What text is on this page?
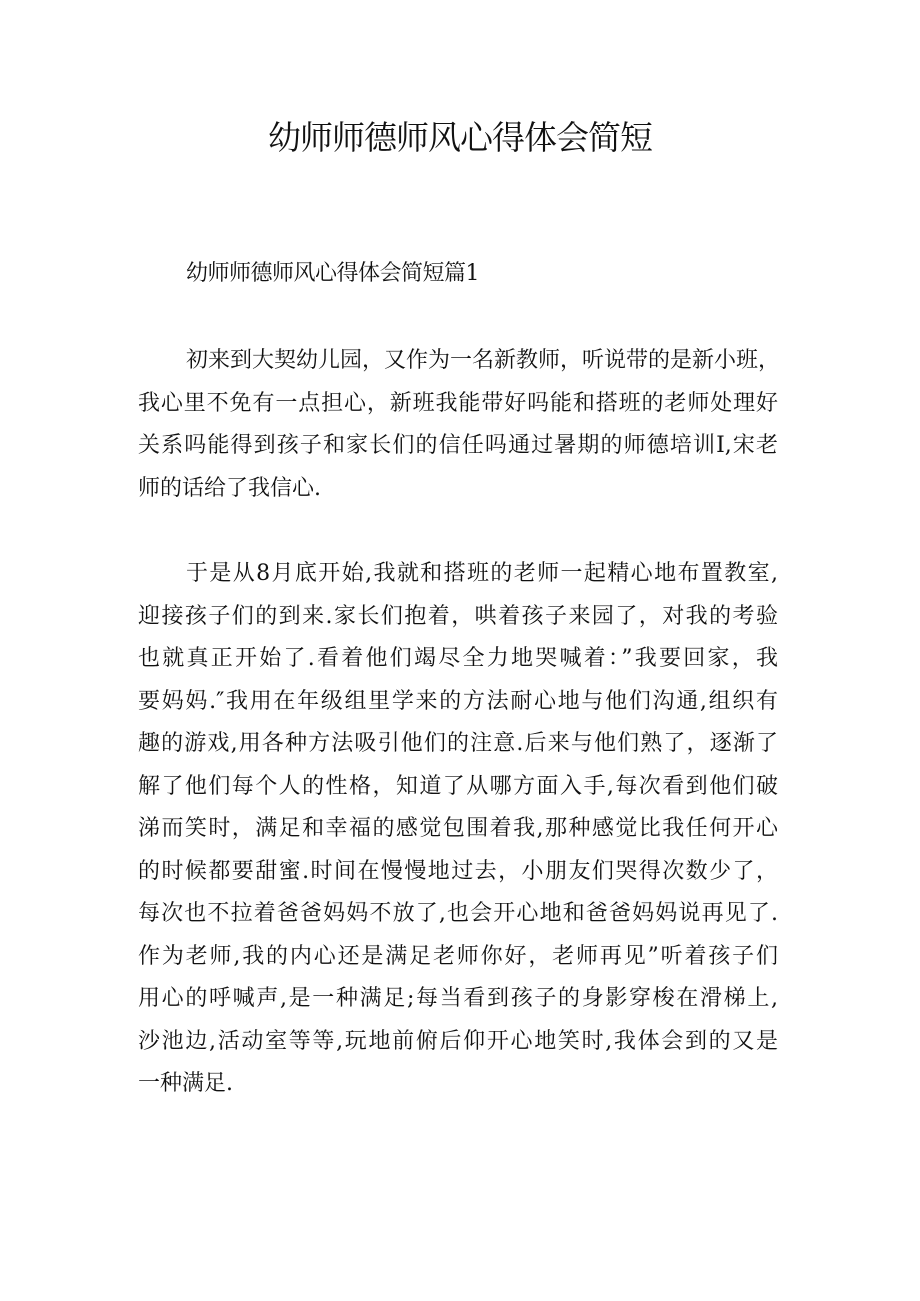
幼师师德师风心得体会简短
幼师师德师风心得体会简短篇1
初来到大契幼儿园，又作为一名新教师，听说带的是新小班，
我心里不免有一点担心，新班我能带好吗能和搭班的老师处理好
关系吗能得到孩子和家长们的信任吗通过暑期的师德培训I,宋老
师的话给了我信心.
于是从8月底开始,我就和搭班的老师一起精心地布置教室,
迎接孩子们的到来.家长们抱着，哄着孩子来园了，对我的考验
也就真正开始了.看着他们竭尽全力地哭喊着：”我要回家，我
要妈妈.″我用在年级组里学来的方法耐心地与他们沟通,组织有
趣的游戏,用各种方法吸引他们的注意.后来与他们熟了，逐渐了
解了他们每个人的性格，知道了从哪方面入手,每次看到他们破
涕而笑时，满足和幸福的感觉包围着我,那种感觉比我任何开心
的时候都要甜蜜.时间在慢慢地过去，小朋友们哭得次数少了，
每次也不拉着爸爸妈妈不放了,也会开心地和爸爸妈妈说再见了.
作为老师,我的内心还是满足老师你好，老师再见”听着孩子们
用心的呼喊声,是一种满足;每当看到孩子的身影穿梭在滑梯上,
沙池边,活动室等等,玩地前俯后仰开心地笑时,我体会到的又是
一种满足.
